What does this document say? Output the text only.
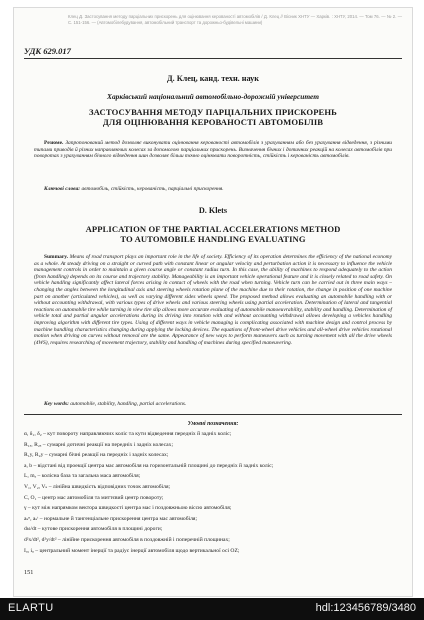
Клец Д. Застосування методу парціальних прискорень для оцінювання керованості автомобілів / Д. Клец // Вісник ХНТУ — Харків. : ХНТУ, 2014. — Том 76. — № 2. — С. 151-156. — (Автомобілебудування, автомобільний транспорт та дорожньо-будівельні машини)
УДК 629.017
Д. Клец, канд. техн. наук
Харківський національний автомобільно-дорожній університет
ЗАСТОСУВАННЯ МЕТОДУ ПАРЦІАЛЬНИХ ПРИСКОРЕНЬ
ДЛЯ ОЦІНЮВАННЯ КЕРОВАНОСТІ АВТОМОБІЛІВ
Резюме. Запропонований метод дозволяє виконувати оцінювання керованості автомобілів з урахуванням або без урахування відведення, з різними типами приводів й різних направляючих колесах за допомогою парціальних прискорень. Визначення бічних і дотичних реакцій на колесах автомобілів при поворотах з урахуванням бічного відведення шин дозволяє більш точно оцінювати поворотність, стійкість і керованість автомобілів.
Ключові слова: автомобіль, стійкість, керованість, парціальні прискорення.
D. Klets
APPLICATION OF THE PARTIAL ACCELERATIONS METHOD
TO AUTOMOBILE HANDLING EVALUATING
Summary. Means of road transport plays an important role in the life of society. Efficiency of its operation determines the efficiency of the national economy as a whole. At steady driving on a straight or curved path with constant linear or angular velocity and perturbation action it is necessary to influence the vehicle management controls in order to maintain a given course angle or constant radius turn. In this case, the ability of machines to respond adequately to the action (from handling) depends on its course and trajectory stability. Manageability is an important vehicle operational feature and it is closely related to road safety. On vehicle handling significantly affect lateral forces arising in contact of wheels with the road when turning. Vehicle turn can be carried out in three main ways – changing the angles between the longitudinal axis and steering wheels rotation plane of the machine due to their rotation, the change in position of one machine part on another (articulated vehicles), as well as varying different sides wheels speed. The proposed method allows evaluating an automobile handling with or without accounting withdrawal, with various types of drive wheels and various steering wheels using partial acceleration. Determination of lateral and tangential reactions on automobile tire while turning in view tire slip allows more accurate evaluating of automobile manoeuvrability, stability and handling. Determination of vehicle total and partial angular accelerations during its driving into rotation with and without accounting withdrawal allows developing a vehicles handling improving algorithm with different tire types. Using of different ways in vehicle managing is complicating associated with machine design and control process by machine handling characteristics changing during applying the locking devices. The equations of front-wheel drive vehicles and all-wheel drive vehicles rotational motion when driving on curves without removal are the same. Appearance of new ways to perform maneuvers such as turning movement with all the drive wheels (4WS), requires researching of movement trajectory, stability and handling of machines during specified maneuvering.
Key words: automobile, stability, handling, partial accelerations.
Умовні позначення:
α, δ₁, δ₂ – кут повороту направляючих коліс та кути відведення передніх й задніх коліс;
R₁ₓ, R₂ₓ – сумарні дотичні реакції на передніх і задніх колесах;
R₁y, R₂y – сумарні бічні реакції на передніх і задніх колесах;
a, b – відстані від проекції центра мас автомобіля на горизонтальній площині до передніх й задніх коліс;
L, mₐ – колісна база та загальна маса автомобіля;
V₁, V₂, Vₛ – лінійна швидкість відповідних точок автомобіля;
C, O₁ – центр мас автомобіля та миттєвий центр повороту;
γ – кут між напрямком вектора швидкості центра мас і поздовжньою віссю автомобіля;
aₛⁿ, aₛᵗ – нормальне й тангенціальне прискорення центра мас автомобіля;
dω/dt – кутове прискорення автомобіля в площині дороги;
d²x/dt², d²y/dt² – лінійне прискорення автомобіля в поздовжній і поперечній площинах;
Iᵤ, iᵤ – центральний момент інерції та радіус інерції автомобіля щодо вертикальної осі OZ;
151
ELARTU	hdl:123456789/3480
